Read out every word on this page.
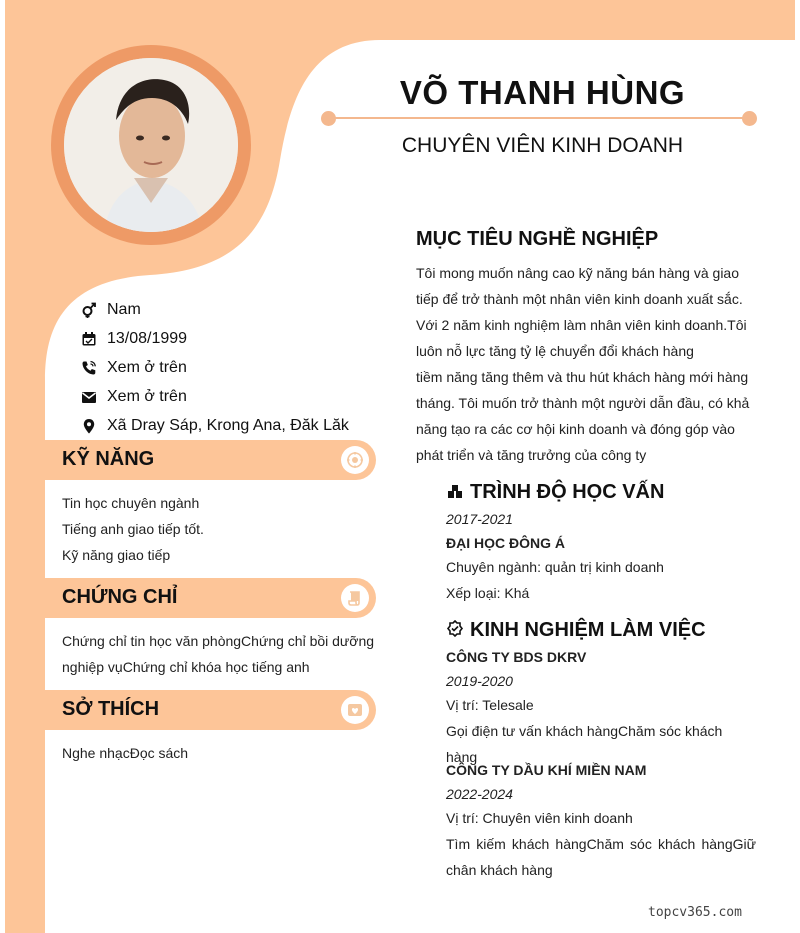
VÕ THANH HÙNG
CHUYÊN VIÊN KINH DOANH
Nam
13/08/1999
Xem ở trên
Xem ở trên
Xã Dray Sáp, Krong Ana, Đăk Lăk
KỸ NĂNG
Tin học chuyên ngành
Tiếng anh giao tiếp tốt.
Kỹ năng giao tiếp
CHỨNG CHỈ
Chứng chỉ tin học văn phòngChứng chỉ bồi dưỡng
nghiệp vụChứng chỉ khóa học tiếng anh
SỞ THÍCH
Nghe nhạcĐọc sách
MỤC TIÊU NGHỀ NGHIỆP
Tôi mong muốn nâng cao kỹ năng bán hàng và giao
tiếp để trở thành một nhân viên kinh doanh xuất sắc.
Với 2 năm kinh nghiệm làm nhân viên kinh doanh.Tôi
luôn nỗ lực tăng tỷ lệ chuyển đổi khách hàng
tiềm năng tăng thêm và thu hút khách hàng mới hàng
tháng. Tôi muốn trở thành một người dẫn đầu, có khả
năng tạo ra các cơ hội kinh doanh và đóng góp vào
phát triển và tăng trưởng của công ty
TRÌNH ĐỘ HỌC VẤN
2017-2021
ĐẠI HỌC ĐÔNG Á
Chuyên ngành: quản trị kinh doanh
Xếp loại: Khá
KINH NGHIỆM LÀM VIỆC
CÔNG TY BDS DKRV
2019-2020
Vị trí: Telesale
Gọi điện tư vấn khách hàngChăm sóc khách hàng
CÔNG TY DẦU KHÍ MIỀN NAM
2022-2024
Vị trí: Chuyên viên kinh doanh
Tìm kiếm khách hàngChăm sóc khách hàngGiữ chân khách hàng
topcv365.com
